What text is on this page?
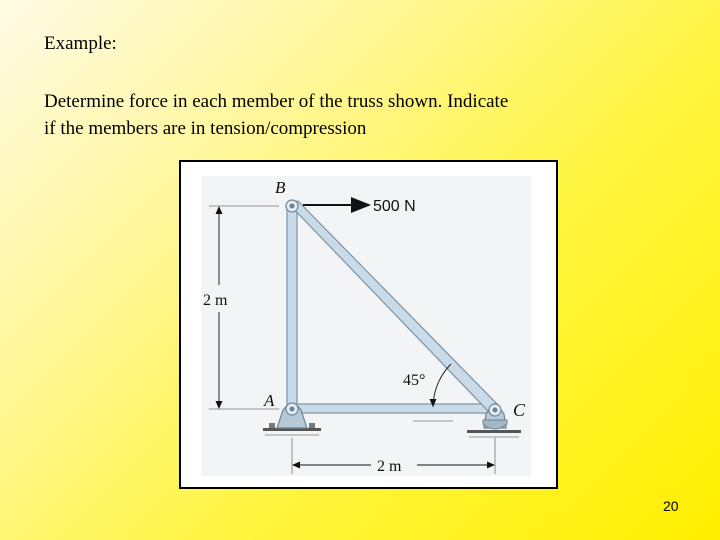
Example:
Determine force in each member of the truss shown. Indicate
if the members are in tension/compression
500 N
2 m
2 m
45°
B
A	C
20
